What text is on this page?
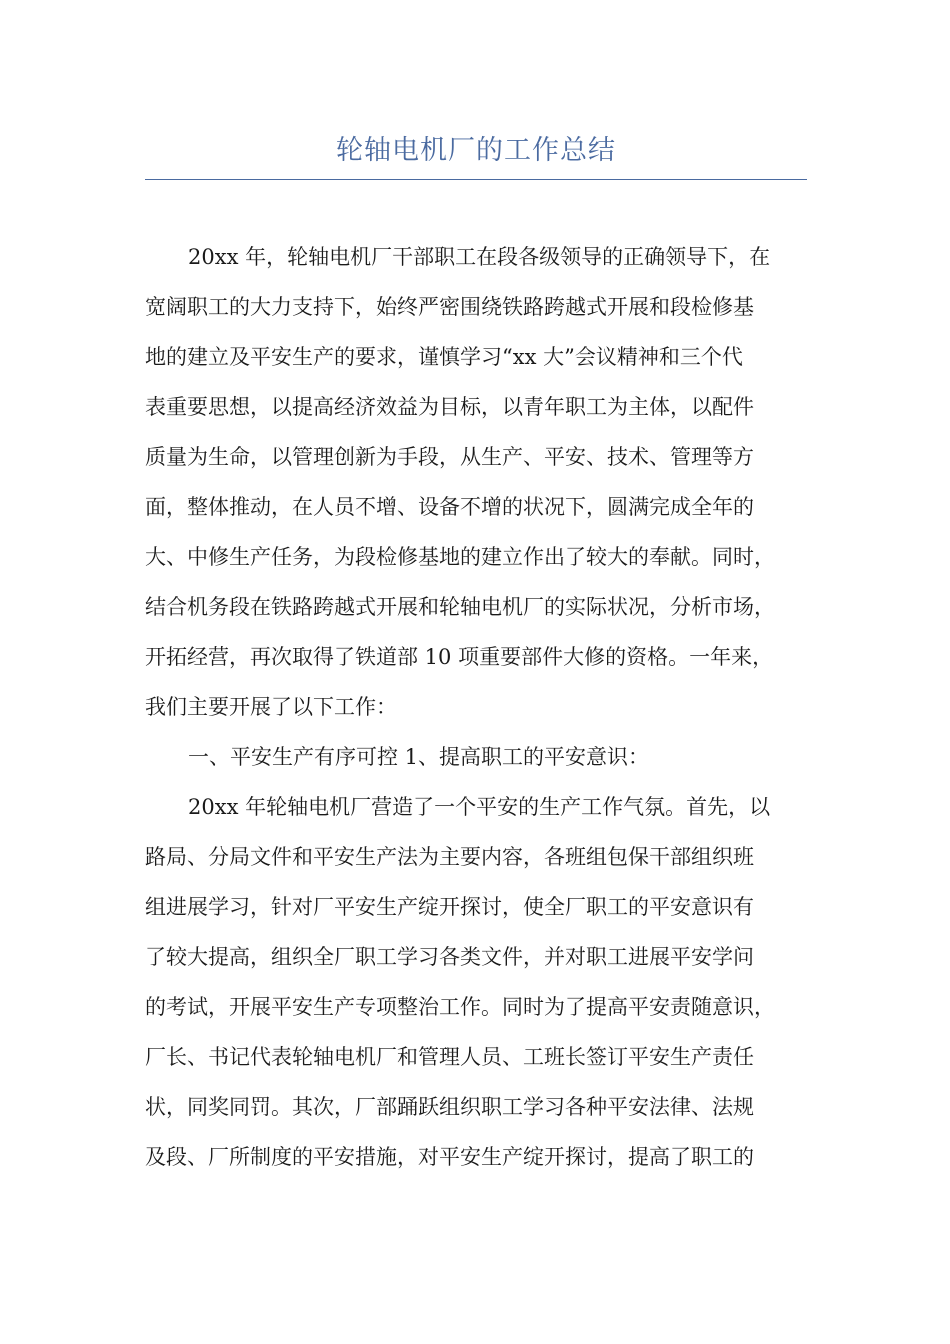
轮轴电机厂的工作总结
20xx 年，轮轴电机厂干部职工在段各级领导的正确领导下，在
宽阔职工的大力支持下，始终严密围绕铁路跨越式开展和段检修基
地的建立及平安生产的要求，谨慎学习“xx 大”会议精神和三个代
表重要思想，以提高经济效益为目标，以青年职工为主体，以配件
质量为生命，以管理创新为手段，从生产、平安、技术、管理等方
面，整体推动，在人员不增、设备不增的状况下，圆满完成全年的
大、中修生产任务，为段检修基地的建立作出了较大的奉献。同时，
结合机务段在铁路跨越式开展和轮轴电机厂的实际状况，分析市场，
开拓经营，再次取得了铁道部 10 项重要部件大修的资格。一年来，
我们主要开展了以下工作：
一、平安生产有序可控 1、提高职工的平安意识：
20xx 年轮轴电机厂营造了一个平安的生产工作气氛。首先，以
路局、分局文件和平安生产法为主要内容，各班组包保干部组织班
组进展学习，针对厂平安生产绽开探讨，使全厂职工的平安意识有
了较大提高，组织全厂职工学习各类文件，并对职工进展平安学问
的考试，开展平安生产专项整治工作。同时为了提高平安责随意识，
厂长、书记代表轮轴电机厂和管理人员、工班长签订平安生产责任
状，同奖同罚。其次，厂部踊跃组织职工学习各种平安法律、法规
及段、厂所制度的平安措施，对平安生产绽开探讨，提高了职工的
